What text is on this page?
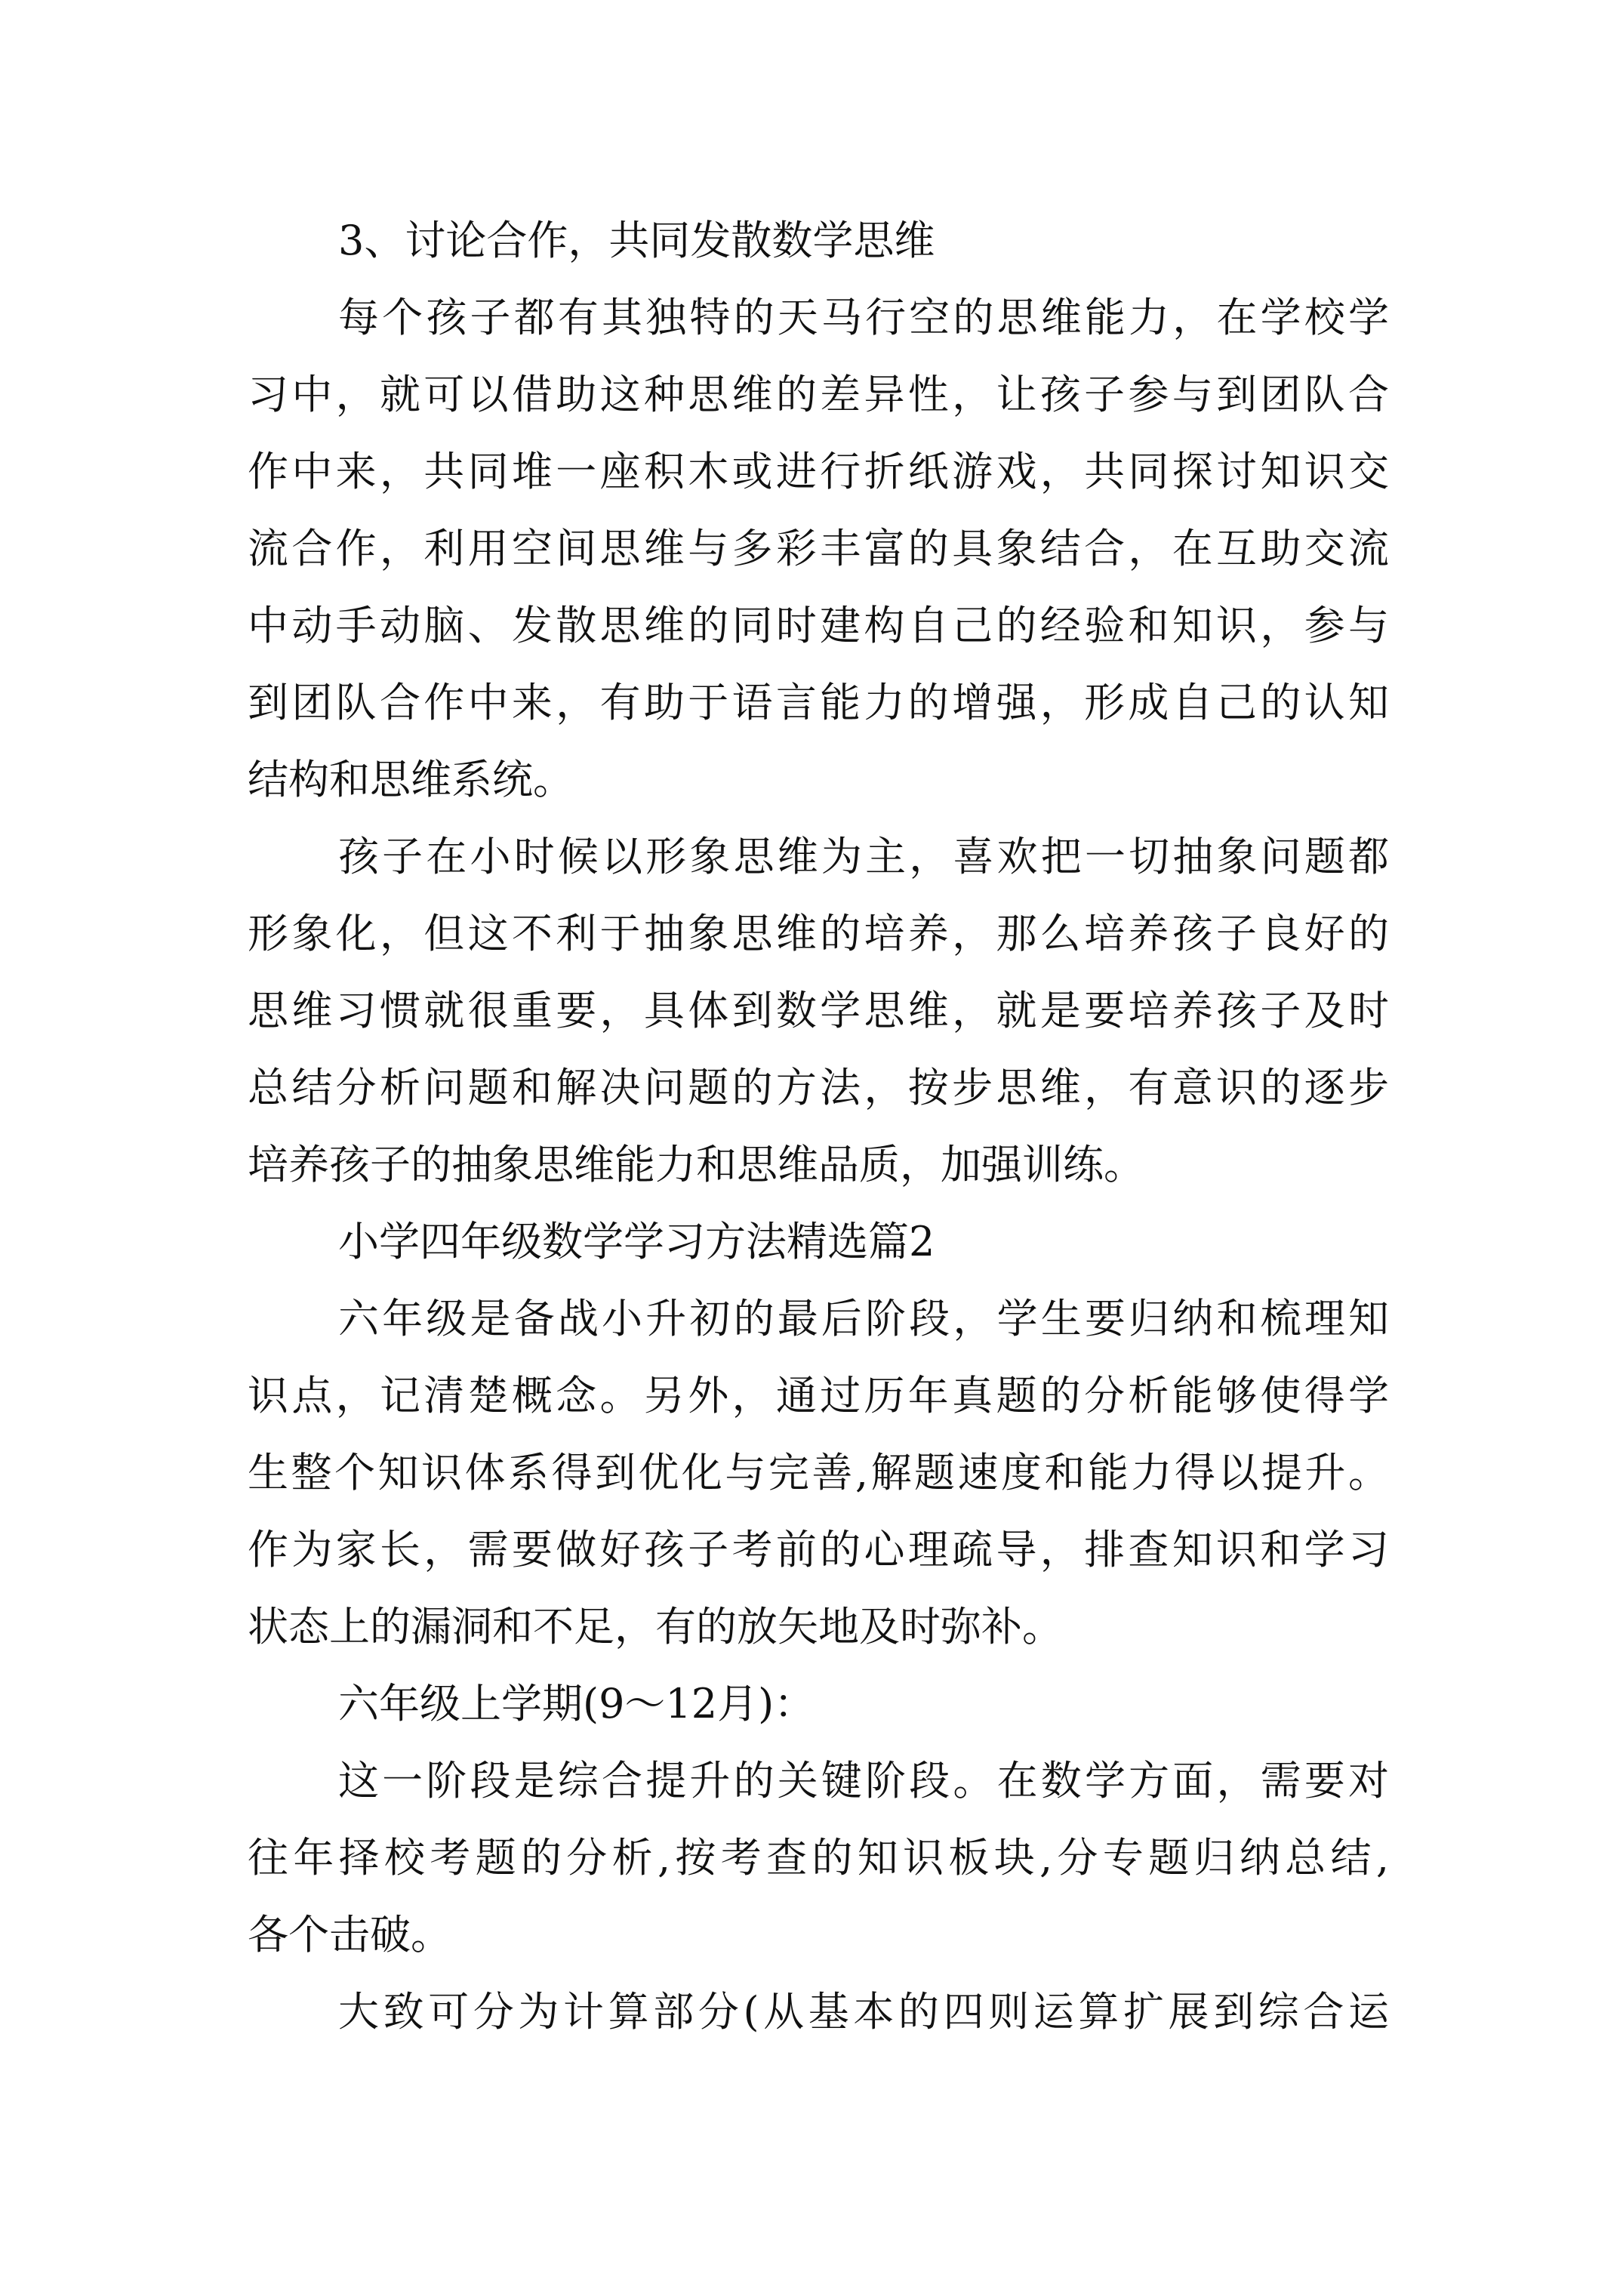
3、讨论合作，共同发散数学思维

每个孩子都有其独特的天马行空的思维能力，在学校学

习中，就可以借助这种思维的差异性，让孩子参与到团队合

作中来，共同堆一座积木或进行折纸游戏，共同探讨知识交

流合作，利用空间思维与多彩丰富的具象结合，在互助交流

中动手动脑、发散思维的同时建构自己的经验和知识，参与

到团队合作中来，有助于语言能力的增强，形成自己的认知

结构和思维系统。

孩子在小时候以形象思维为主，喜欢把一切抽象问题都

形象化，但这不利于抽象思维的培养，那么培养孩子良好的

思维习惯就很重要，具体到数学思维，就是要培养孩子及时

总结分析问题和解决问题的方法，按步思维，有意识的逐步

培养孩子的抽象思维能力和思维品质，加强训练。

小学四年级数学学习方法精选篇2

六年级是备战小升初的最后阶段，学生要归纳和梳理知

识点，记清楚概念。另外，通过历年真题的分析能够使得学

生整个知识体系得到优化与完善,解题速度和能力得以提升。

作为家长，需要做好孩子考前的心理疏导，排查知识和学习

状态上的漏洞和不足，有的放矢地及时弥补。

六年级上学期(9～12月)：

这一阶段是综合提升的关键阶段。在数学方面，需要对

往年择校考题的分析,按考查的知识板块,分专题归纳总结,

各个击破。

大致可分为计算部分(从基本的四则运算扩展到综合运
